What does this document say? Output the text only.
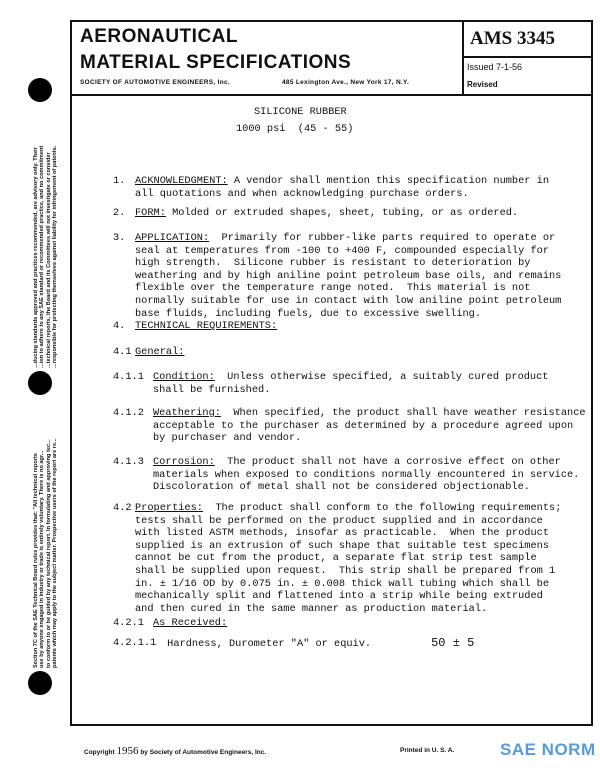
AERONAUTICAL
MATERIAL SPECIFICATIONS
SOCIETY OF AUTOMOTIVE ENGINEERS, Inc.	485 Lexington Ave., New York 17, N.Y.
AMS 3345
Issued 7-1-56
Revised
SILICONE RUBBER
1000 psi  (45 - 55)
1. ACKNOWLEDGMENT: A vendor shall mention this specification number in
all quotations and when acknowledging purchase orders.
2. FORM: Molded or extruded shapes, sheet, tubing, or as ordered.
3. APPLICATION:  Primarily for rubber-like parts required to operate or
seal at temperatures from -100 to +400 F, compounded especially for
high strength.  Silicone rubber is resistant to deterioration by
weathering and by high aniline point petroleum base oils, and remains
flexible over the temperature range noted.  This material is not
normally suitable for use in contact with low aniline point petroleum
base fluids, including fuels, due to excessive swelling.
4. TECHNICAL REQUIREMENTS:
4.1 General:
4.1.1 Condition:  Unless otherwise specified, a suitably cured product
shall be furnished.
4.1.2 Weathering:  When specified, the product shall have weather resistance
acceptable to the purchaser as determined by a procedure agreed upon
by purchaser and vendor.
4.1.3 Corrosion:  The product shall not have a corrosive effect on other
materials when exposed to conditions normally encountered in service.
Discoloration of metal shall not be considered objectionable.
4.2 Properties:  The product shall conform to the following requirements;
tests shall be performed on the product supplied and in accordance
with listed ASTM methods, insofar as practicable.  When the product
supplied is an extrusion of such shape that suitable test specimens
cannot be cut from the product, a separate flat strip test sample
shall be supplied upon request.  This strip shall be prepared from 1
in. ± 1/16 OD by 0.075 in. ± 0.008 thick wall tubing which shall be
mechanically split and flattened into a strip while being extruded
and then cured in the same manner as production material.
4.2.1 As Received:
4.2.1.1 Hardness, Durometer "A" or equiv.	50 ± 5
...ducing standards approved and practices recommended, are advisory only. Their ...ion to adhere to any SAE standard or recommended practice, and no commitment ...technical reports, the Board and its Committees will not investigate or consider ...responsible for protecting themselves against liability for infringement of patents.
Section 7C of the SAE Technical Board rules provides that: "All technical reports use by anyone engaged in industry or trade is entirely voluntary. There is no agr... to conform to or be guided by any technical report. In formulating and approving tec... patents which may apply to the subject matter. Prospective users of the report are re...
Copyright 1956 by Society of Automotive Engineers, Inc.	Printed in U. S. A.	SAE NORM
